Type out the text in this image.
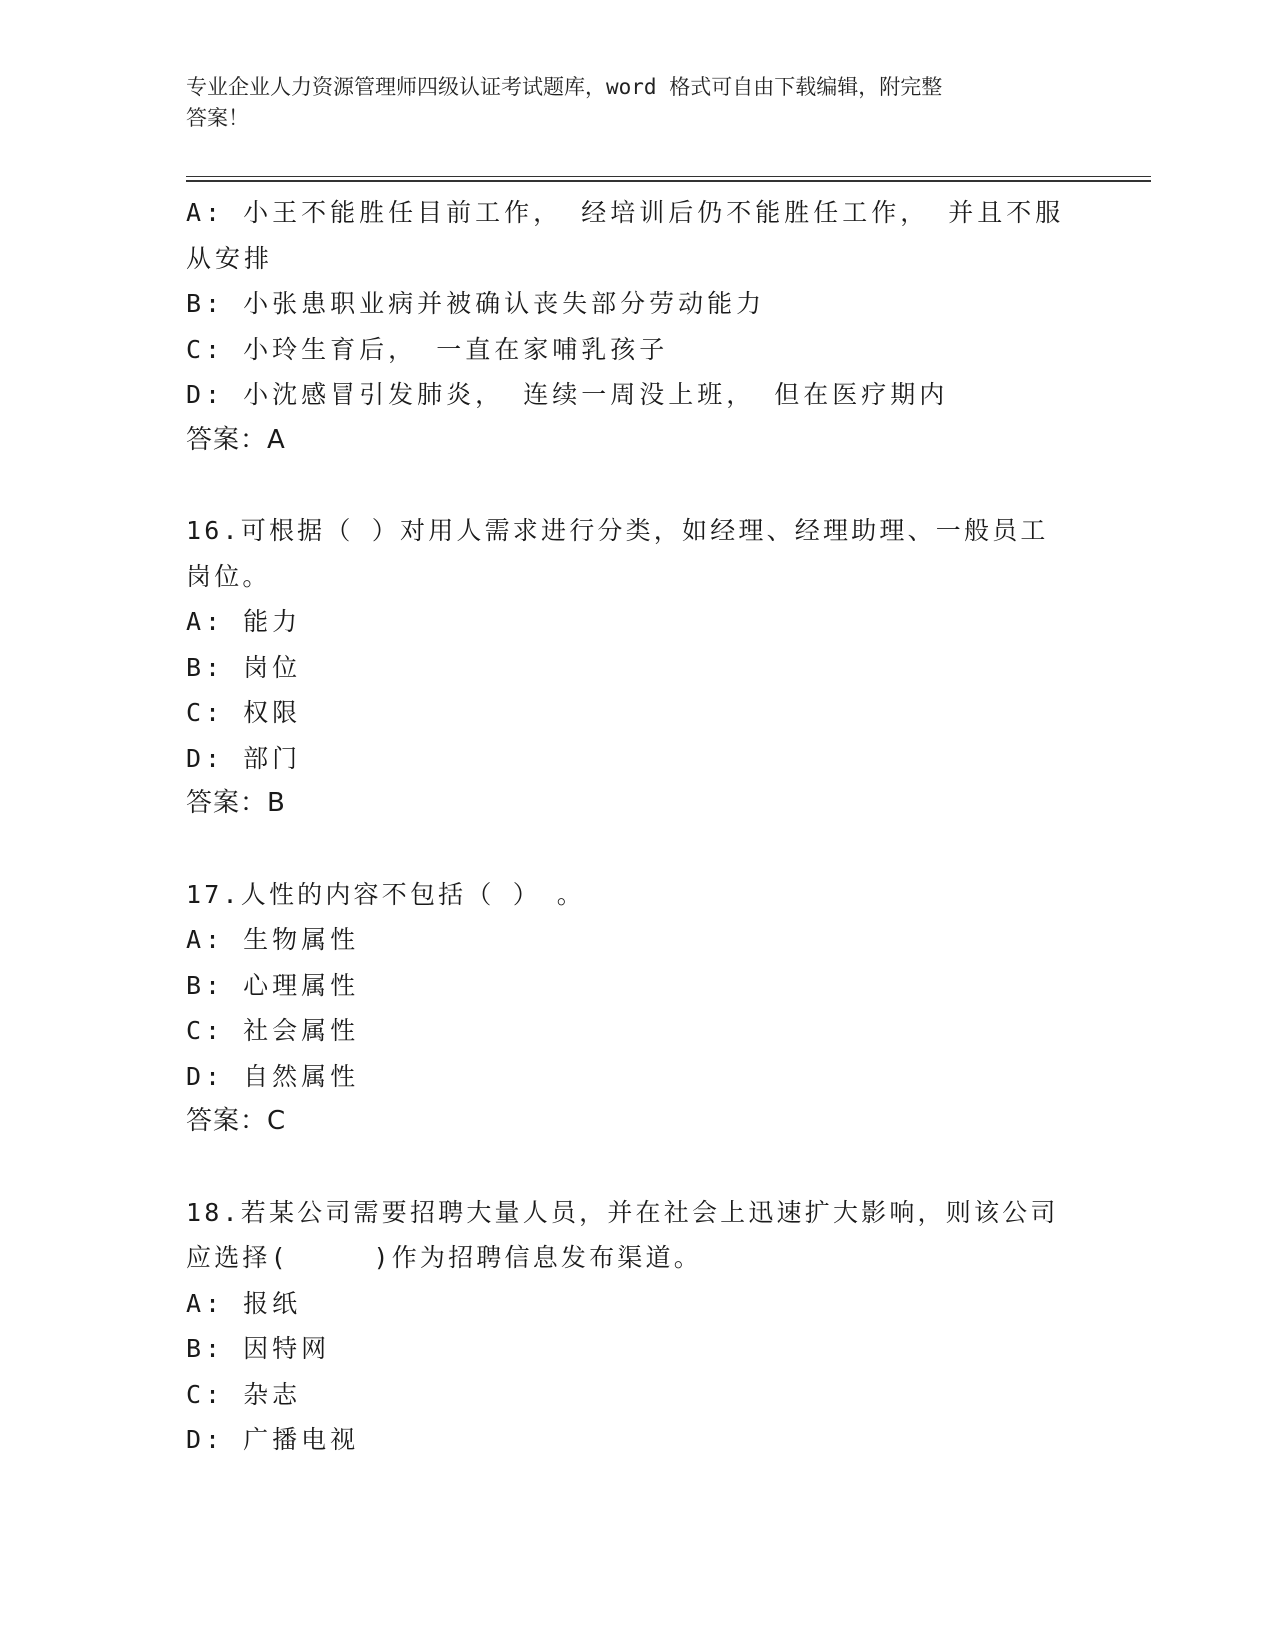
专业企业人力资源管理师四级认证考试题库，word 格式可自由下载编辑，附完整
答案！
A: 小王不能胜任目前工作， 经培训后仍不能胜任工作， 并且不服从安排
B: 小张患职业病并被确认丧失部分劳动能力
C: 小玲生育后， 一直在家哺乳孩子
D: 小沈感冒引发肺炎， 连续一周没上班， 但在医疗期内
答案：A
16.可根据（ ）对用人需求进行分类，如经理、经理助理、一般员工岗位。
A: 能力
B: 岗位
C: 权限
D: 部门
答案：B
17.人性的内容不包括（ ）　。
A: 生物属性
B: 心理属性
C: 社会属性
D: 自然属性
答案：C
18.若某公司需要招聘大量人员，并在社会上迅速扩大影响，则该公司应选择(　　　)作为招聘信息发布渠道。
A: 报纸
B: 因特网
C: 杂志
D: 广播电视
